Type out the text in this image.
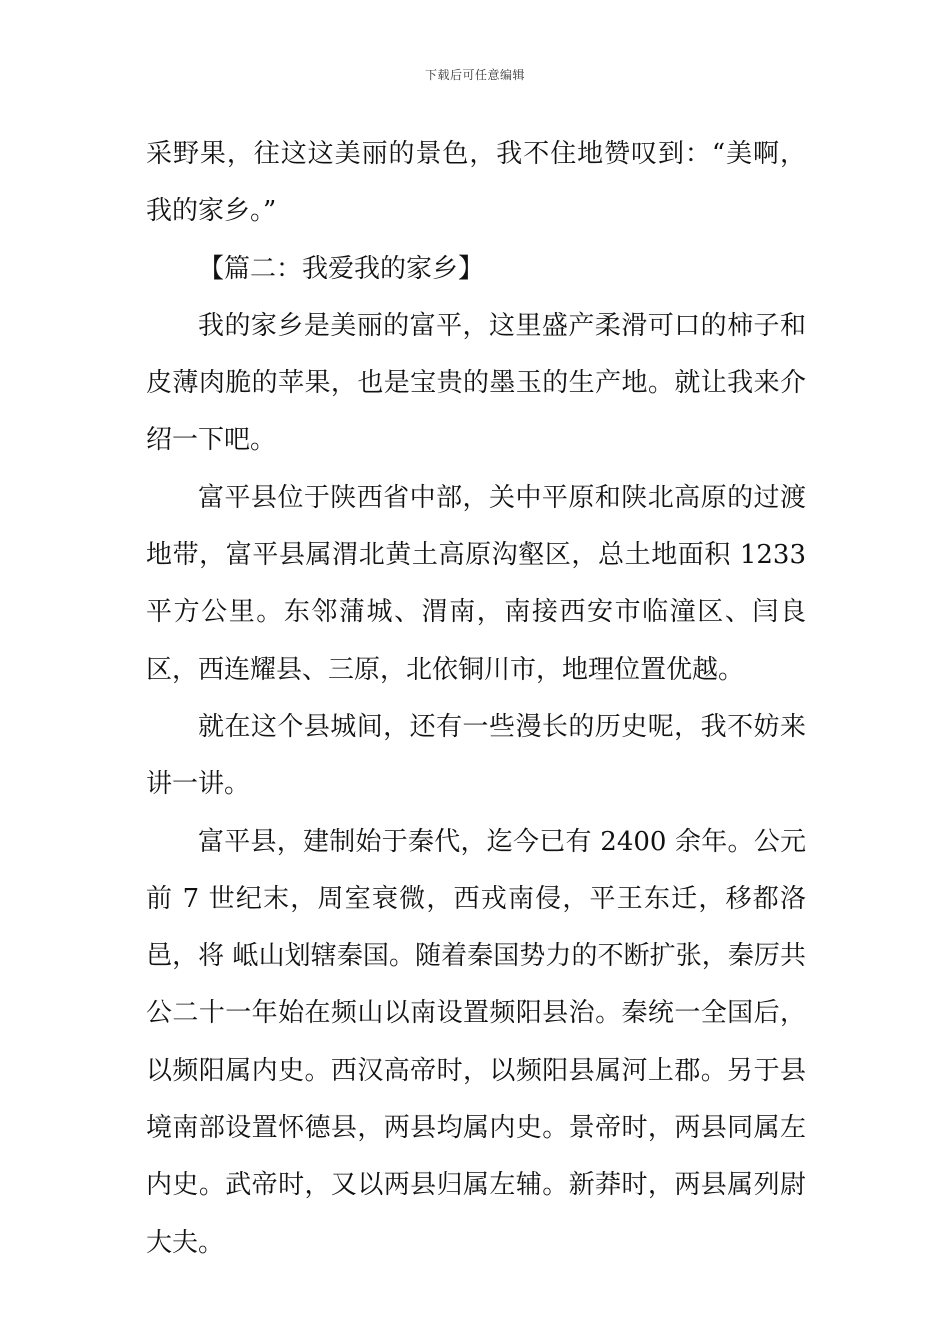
下载后可任意编辑

采野果，往这这美丽的景色，我不住地赞叹到：“美啊，我的家乡。”

【篇二：我爱我的家乡】

我的家乡是美丽的富平，这里盛产柔滑可口的柿子和皮薄肉脆的苹果，也是宝贵的墨玉的生产地。就让我来介绍一下吧。

富平县位于陕西省中部，关中平原和陕北高原的过渡地带，富平县属渭北黄土高原沟壑区，总土地面积 1233 平方公里。东邻蒲城、渭南，南接西安市临潼区、闫良区，西连耀县、三原，北依铜川市，地理位置优越。

就在这个县城间，还有一些漫长的历史呢，我不妨来讲一讲。

富平县，建制始于秦代，迄今已有 2400 余年。公元前 7 世纪末，周室衰微，西戎南侵，平王东迁，移都洛邑，将 岻山划辖秦国。随着秦国势力的不断扩张，秦厉共公二十一年始在频山以南设置频阳县治。秦统一全国后，以频阳属内史。西汉高帝时，以频阳县属河上郡。另于县境南部设置怀德县，两县均属内史。景帝时，两县同属左内史。武帝时，又以两县归属左辅。新莽时，两县属列尉大夫。
